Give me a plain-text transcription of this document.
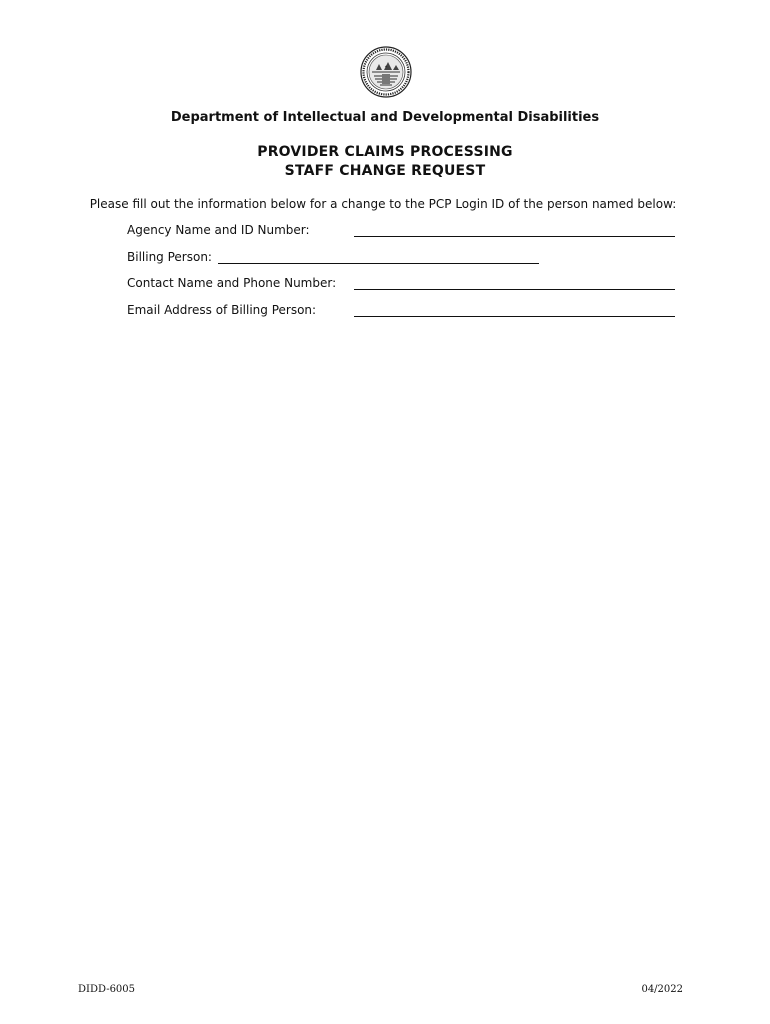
✦
Department of Intellectual and Developmental Disabilities
PROVIDER CLAIMS PROCESSING
STAFF CHANGE REQUEST
Please fill out the information below for a change to the PCP Login ID of the person named below:
Agency Name and ID Number:
Billing Person:
Contact Name and Phone Number:
Email Address of Billing Person:
DIDD-6005	04/2022
